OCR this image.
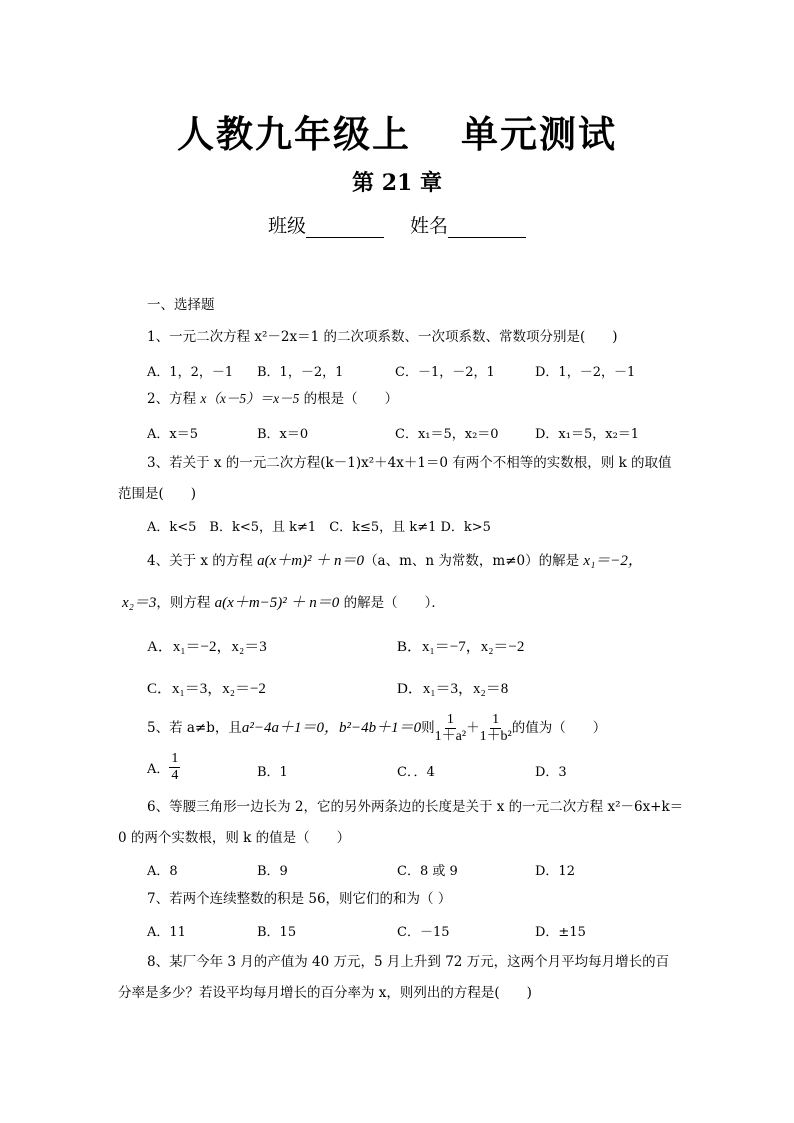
人教九年级上 单元测试
第 21 章
班级	姓名
一、选择题
1、一元二次方程 x²－2x＝1 的二次项系数、一次项系数、常数项分别是(　　)
A．1，2，－1 B．1，－2，1	C．－1，－2，1	D．1，－2，－1
2、方程 x（x－5）＝x－5 的根是（　　）
A．x＝5	B．x＝0	C．x₁＝5，x₂＝0	D．x₁＝5，x₂＝1
3、若关于 x 的一元二次方程(k－1)x²＋4x＋1＝0 有两个不相等的实数根，则 k 的取值
范围是(　　)
A．k<5　B．k<5，且 k≠1　C．k≤5，且 k≠1 D．k>5
4、关于 x 的方程 a(x＋m)² ＋ n＝0（a、m、n 为常数，m≠0）的解是 x₁＝−2，
x₂＝3，则方程 a(x＋m−5)² ＋ n＝0 的解是（　　）．
A．x₁＝−2，x₂＝3	B．x₁＝−7，x₂＝−2
C．x₁＝3，x₂＝−2	D．x₁＝3，x₂＝8
5、若 a≠b，且 a²−4a＋1＝0，b²−4b＋1＝0 则 $\frac{1}{\text{1＋a²}} + \frac{1}{\text{1＋b²}}$ 的值为（　　）
A． $\frac{1}{4}$	B．1	C．．4	D．3
6、等腰三角形一边长为 2，它的另外两条边的长度是关于 x 的一元二次方程 x²－6x+k＝
0 的两个实数根，则 k 的值是（　　）
A．8	B．9	C．8 或 9	D．12
7、若两个连续整数的积是 56，则它们的和为（ ）
A．11	B．15	C．－15	D．±15
8、某厂今年 3 月的产值为 40 万元，5 月上升到 72 万元，这两个月平均每月增长的百
分率是多少？若设平均每月增长的百分率为 x，则列出的方程是(　　)
